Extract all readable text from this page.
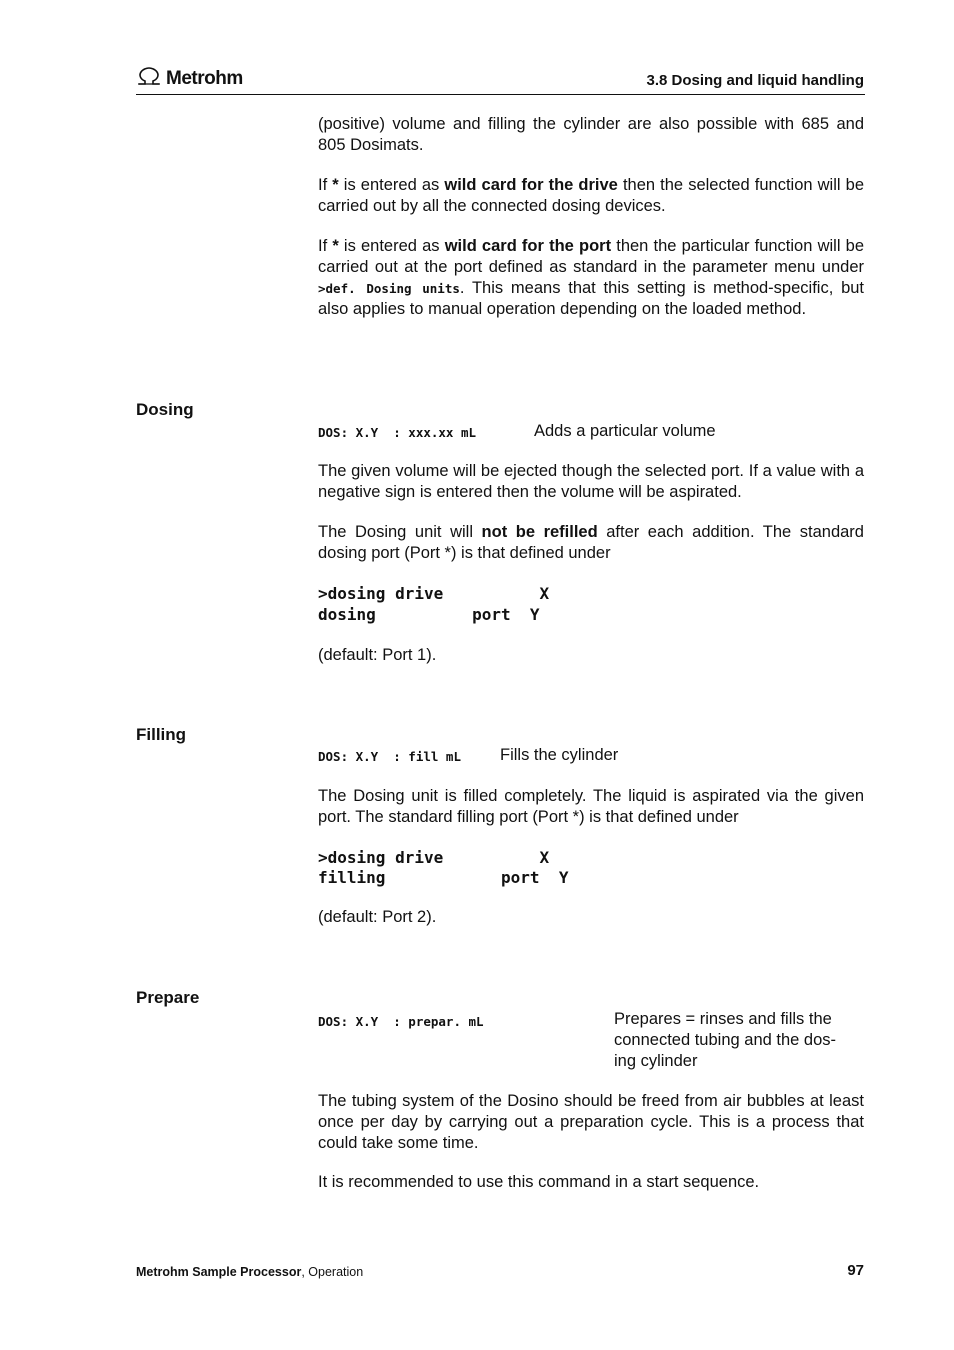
Metrohm	3.8 Dosing and liquid handling
(positive) volume and filling the cylinder are also possible with 685 and 805 Dosimats.
If * is entered as wild card for the drive then the selected function will be carried out by all the connected dosing devices.
If * is entered as wild card for the port then the particular function will be carried out at the port defined as standard in the parameter menu under >def. Dosing units. This means that this setting is method-specific, but also applies to manual operation depending on the loaded method.
Dosing
DOS: X.Y  : xxx.xx mL	Adds a particular volume
The given volume will be ejected though the selected port. If a value with a negative sign is entered then the volume will be aspirated.
The Dosing unit will not be refilled after each addition. The standard dosing port (Port *) is that defined under
>dosing drive          X
dosing          port  Y
(default: Port 1).
Filling
DOS: X.Y  : fill mL Fills the cylinder
The Dosing unit is filled completely. The liquid is aspirated via the given port. The standard filling port (Port *) is that defined under
>dosing drive          X
filling            port  Y
(default: Port 2).
Prepare
DOS: X.Y  : prepar. mL	Prepares = rinses and fills the
connected tubing and the dos-
ing cylinder
The tubing system of the Dosino should be freed from air bubbles at least once per day by carrying out a preparation cycle. This is a process that could take some time.
It is recommended to use this command in a start sequence.
Metrohm Sample Processor, Operation	97
